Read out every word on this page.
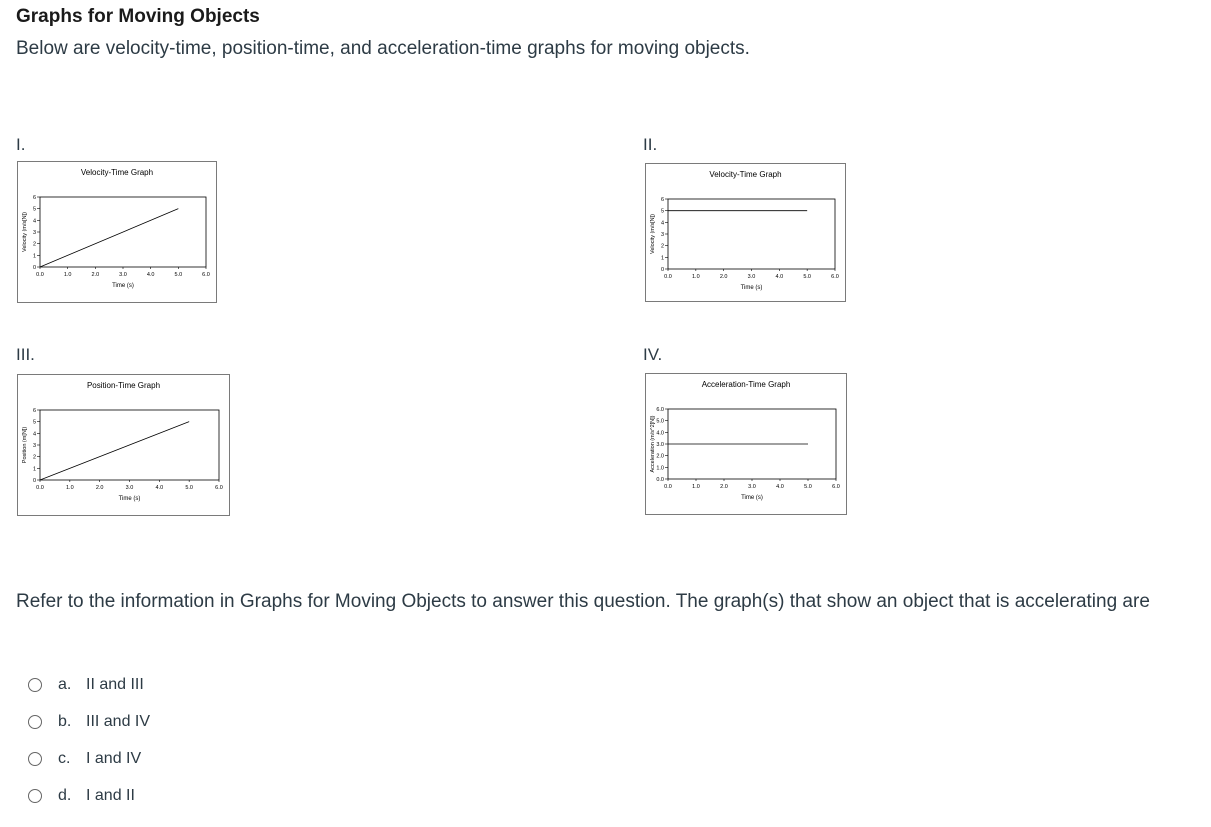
Graphs for Moving Objects
Below are velocity-time, position-time, and acceleration-time graphs for moving objects.
I.
Velocity-Time Graph
0
1
2
3
4
5
6
0.0	1.0	2.0	3.0	4.0	5.0	6.0
Time (s)
Velocity (m/s[N])
II.
Velocity-Time Graph
0
1
2
3
4
5
6
0.0	1.0	2.0	3.0	4.0	5.0	6.0
Time (s)
Velocity (m/s[N])
III.
Position-Time Graph
0
1
2
3
4
5
6
0.0	1.0	2.0	3.0	4.0	5.0	6.0
Time (s)
Position (m[N])
IV.
Acceleration-Time Graph
0.0
1.0
2.0
3.0
4.0
5.0
6.0
0.0	1.0	2.0	3.0	4.0	5.0	6.0
Time (s)
Acceleration (m/s^2[N])
Refer to the information in Graphs for Moving Objects to answer this question. The graph(s) that show an object that is accelerating are
a. II and III
b. III and IV
c. I and IV
d. I and II
